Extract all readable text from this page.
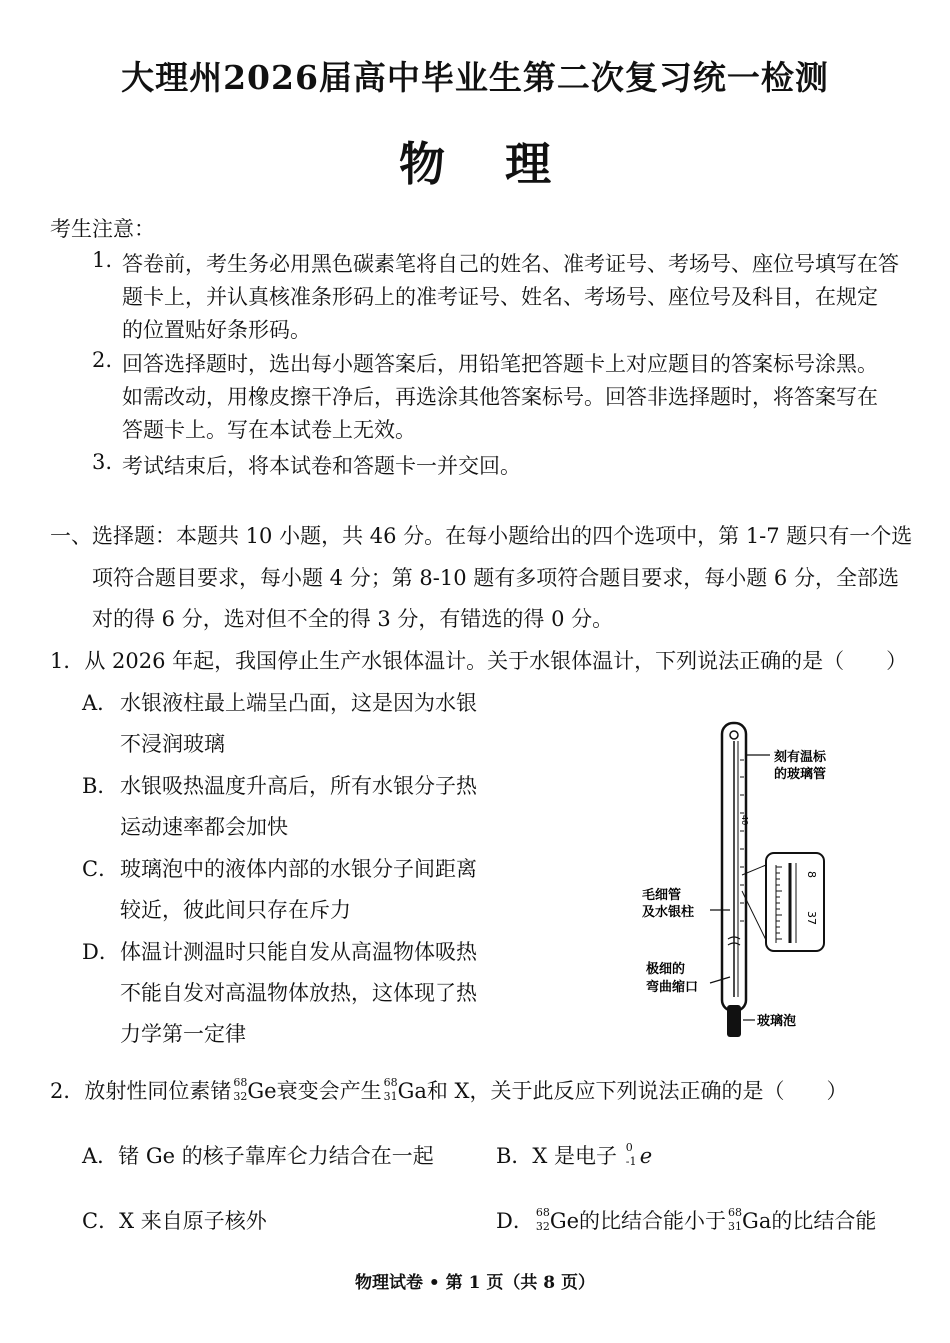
大理州2026届高中毕业生第二次复习统一检测
物理
考生注意：
1. 答卷前，考生务必用黑色碳素笔将自己的姓名、准考证号、考场号、座位号填写在答
题卡上，并认真核准条形码上的准考证号、姓名、考场号、座位号及科目，在规定
的位置贴好条形码。
2. 回答选择题时，选出每小题答案后，用铅笔把答题卡上对应题目的答案标号涂黑。
如需改动，用橡皮擦干净后，再选涂其他答案标号。回答非选择题时，将答案写在
答题卡上。写在本试卷上无效。
3. 考试结束后，将本试卷和答题卡一并交回。
一、选择题：本题共 10 小题，共 46 分。在每小题给出的四个选项中，第 1-7 题只有一个选
项符合题目要求，每小题 4 分；第 8-10 题有多项符合题目要求，每小题 6 分，全部选
对的得 6 分，选对但不全的得 3 分，有错选的得 0 分。
1．从 2026 年起，我国停止生产水银体温计。关于水银体温计，下列说法正确的是（　　）
A． 水银液柱最上端呈凸面，这是因为水银
不浸润玻璃
B． 水银吸热温度升高后，所有水银分子热
运动速率都会加快
C． 玻璃泡中的液体内部的水银分子间距离
较近，彼此间只存在斥力
D． 体温计测温时只能自发从高温物体吸热
不能自发对高温物体放热，这体现了热
力学第一定律
40
8
37
刻有温标
的玻璃管
毛细管
及水银柱
极细的
弯曲缩口
玻璃泡
2．放射性同位素锗 68
32 Ge衰变会产生 68
31 Ga和 X，关于此反应下列说法正确的是（　　）
A．锗 Ge 的核子靠库仑力结合在一起	B．X 是电子 0
-1 e
C．X 来自原子核外	D． 68
32 Ge的比结合能小于 68
31 Ga的比结合能
物理试卷 • 第 1 页（共 8 页）
